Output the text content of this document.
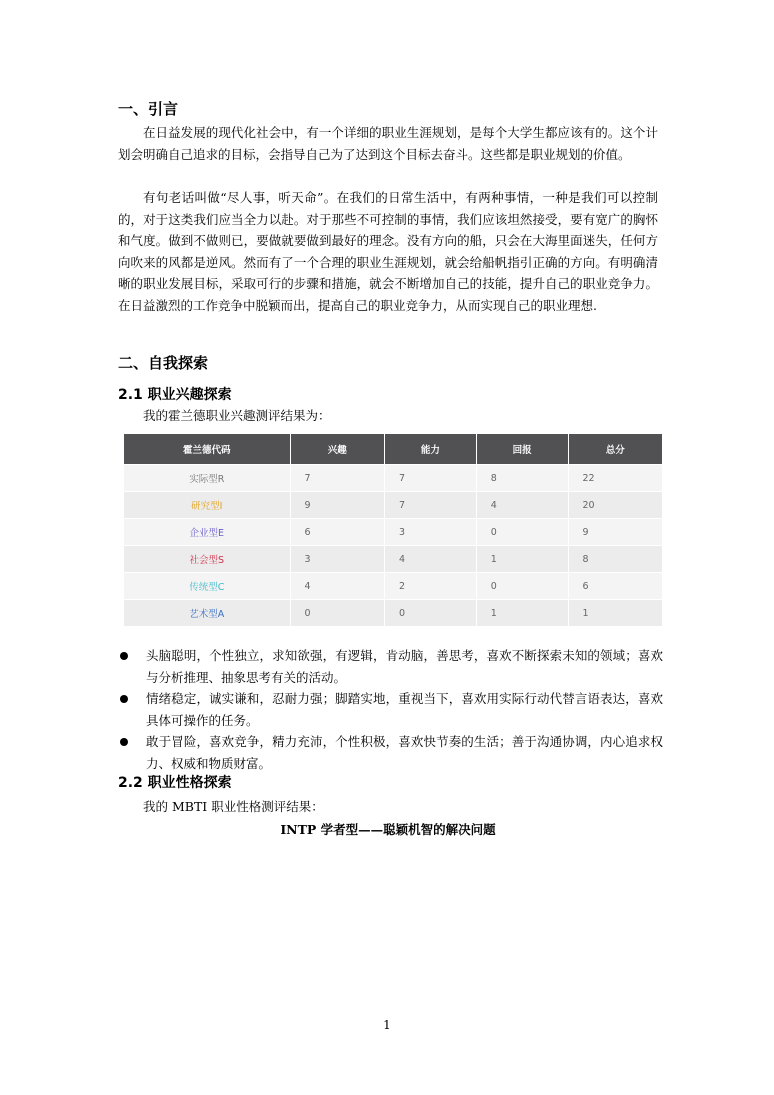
一、引言

在日益发展的现代化社会中，有一个详细的职业生涯规划，是每个大学生都应该有的。这个计划会明确自己追求的目标，会指导自己为了达到这个目标去奋斗。这些都是职业规划的价值。

有句老话叫做“尽人事，听天命”。在我们的日常生活中，有两种事情，一种是我们可以控制的，对于这类我们应当全力以赴。对于那些不可控制的事情，我们应该坦然接受，要有宽广的胸怀和气度。做到不做则已，要做就要做到最好的理念。没有方向的船，只会在大海里面迷失，任何方向吹来的风都是逆风。然而有了一个合理的职业生涯规划，就会给船帆指引正确的方向。有明确清晰的职业发展目标，采取可行的步骤和措施，就会不断增加自己的技能，提升自己的职业竞争力。在日益激烈的工作竞争中脱颖而出，提高自己的职业竞争力，从而实现自己的职业理想.

二、自我探索
2.1 职业兴趣探索
我的霍兰德职业兴趣测评结果为：
霍兰德代码	兴趣	能力	回报	总分
实际型R	7	7	8	22
研究型I	9	7	4	20
企业型E	6	3	0	9
社会型S	3	4	1	8
传统型C	4	2	0	6
艺术型A	0	0	1	1
头脑聪明，个性独立，求知欲强，有逻辑，肯动脑，善思考，喜欢不断探索未知的领域；喜欢与分析推理、抽象思考有关的活动。
情绪稳定，诚实谦和，忍耐力强；脚踏实地，重视当下，喜欢用实际行动代替言语表达，喜欢具体可操作的任务。
敢于冒险，喜欢竞争，精力充沛，个性积极，喜欢快节奏的生活；善于沟通协调，内心追求权力、权威和物质财富。
2.2 职业性格探索
我的 MBTI 职业性格测评结果：
INTP 学者型——聪颖机智的解决问题
1
